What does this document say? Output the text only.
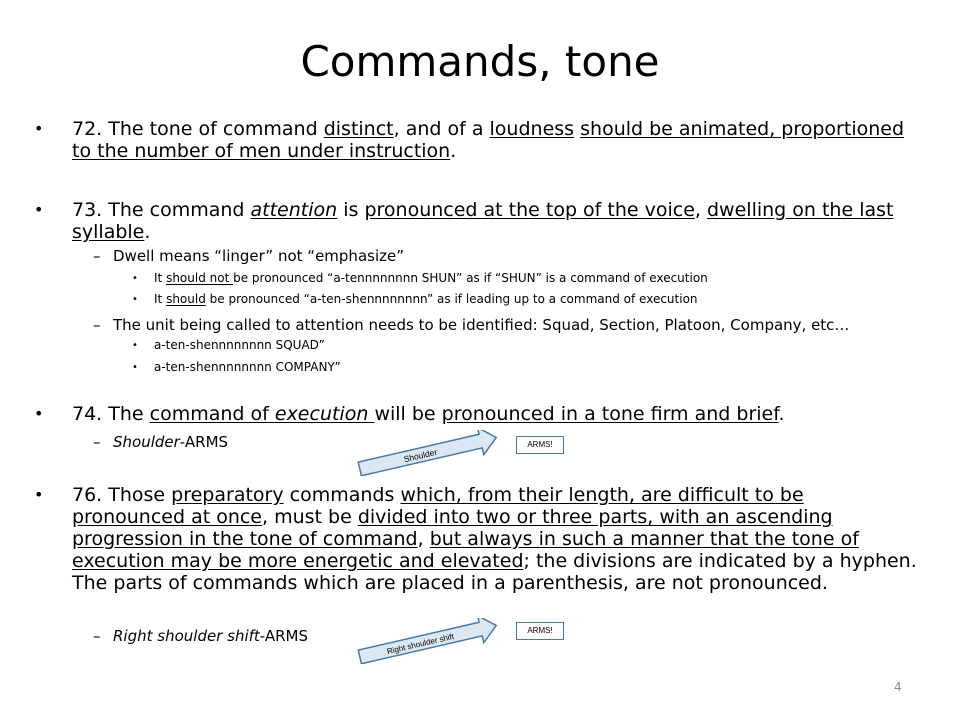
Commands, tone
• 72. The tone of command distinct, and of a loudness should be animated, proportioned to the number of men under instruction.
• 73. The command attention is pronounced at the top of the voice, dwelling on the last syllable.
– Dwell means “linger” not “emphasize”
• It should not be pronounced “a-tennnnnnnn SHUN” as if “SHUN” is a command of execution
• It should be pronounced “a-ten-shennnnnnnn” as if leading up to a command of execution
– The unit being called to attention needs to be identified: Squad, Section, Platoon, Company, etc…
• a-ten-shennnnnnnn SQUAD”
• a-ten-shennnnnnnn COMPANY”
• 74. The command of execution will be pronounced in a tone firm and brief.
– Shoulder-ARMS
Shoulder
ARMS!
• 76. Those preparatory commands which, from their length, are difficult to be pronounced at once, must be divided into two or three parts, with an ascending progression in the tone of command, but always in such a manner that the tone of execution may be more energetic and elevated; the divisions are indicated by a hyphen. The parts of commands which are placed in a parenthesis, are not pronounced.
– Right shoulder shift-ARMS	Right shoulder shift
ARMS!
4
